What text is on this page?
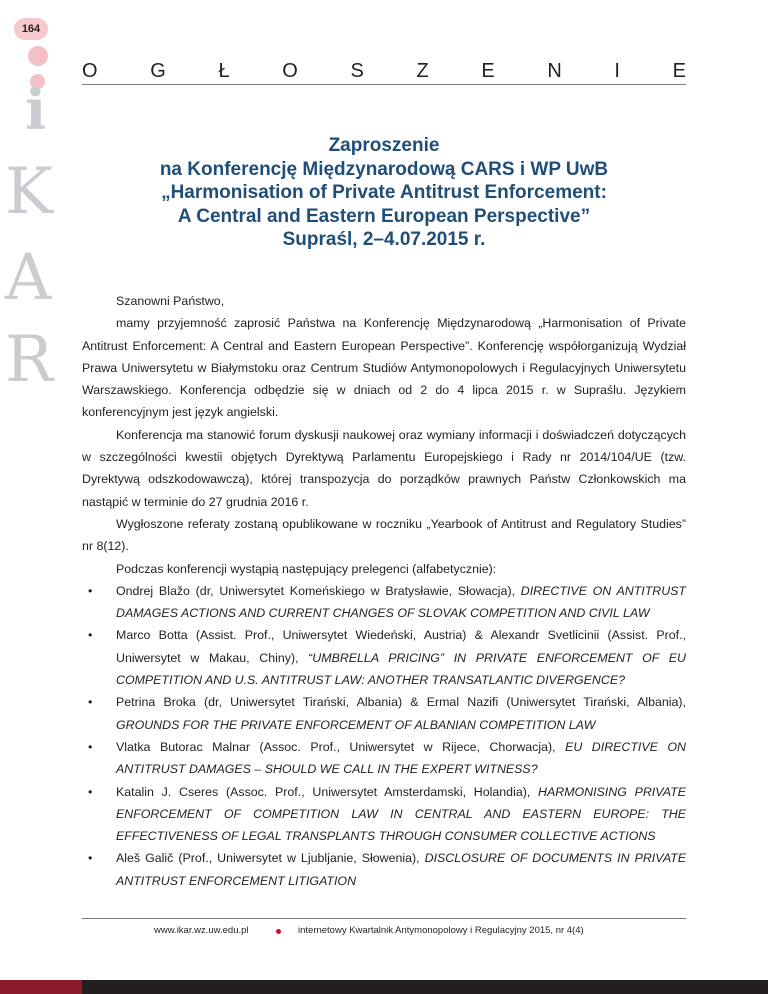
i
K
A
R
164
O	G	Ł	O	S	Z	E	N	I	E
Zaproszenie
na Konferencję Międzynarodową CARS i WP UwB
„Harmonisation of Private Antitrust Enforcement:
A Central and Eastern European Perspective”
Supraśl, 2–4.07.2015 r.

Szanowni Państwo,

mamy przyjemność zaprosić Państwa na Konferencję Międzynarodową „Harmonisation of Private Antitrust Enforcement: A Central and Eastern European Perspective”. Konferencję współorganizują Wydział Prawa Uniwersytetu w Białymstoku oraz Centrum Studiów Antymonopolowych i Regulacyjnych Uniwersytetu Warszawskiego. Konferencja odbędzie się w dniach od 2 do 4 lipca 2015 r. w Supraślu. Językiem konferencyjnym jest język angielski.

Konferencja ma stanowić forum dyskusji naukowej oraz wymiany informacji i doświadczeń dotyczących w szczególności kwestii objętych Dyrektywą Parlamentu Europejskiego i Rady nr 2014/104/UE (tzw. Dyrektywą odszkodowawczą), której transpozycja do porządków prawnych Państw Członkowskich ma nastąpić w terminie do 27 grudnia 2016 r.

Wygłoszone referaty zostaną opublikowane w roczniku „Yearbook of Antitrust and Regulatory Studies” nr 8(12).

Podczas konferencji wystąpią następujący prelegenci (alfabetycznie):

• Ondrej Blažo (dr, Uniwersytet Komeńskiego w Bratysławie, Słowacja), DIRECTIVE ON ANTITRUST DAMAGES ACTIONS AND CURRENT CHANGES OF SLOVAK COMPETITION AND CIVIL LAW

• Marco Botta (Assist. Prof., Uniwersytet Wiedeński, Austria) & Alexandr Svetlicinii (Assist. Prof., Uniwersytet w Makau, Chiny), “UMBRELLA PRICING” IN PRIVATE ENFORCEMENT OF EU COMPETITION AND U.S. ANTITRUST LAW: ANOTHER TRANSATLANTIC DIVERGENCE?

• Petrina Broka (dr, Uniwersytet Tirański, Albania) & Ermal Nazifi (Uniwersytet Tirański, Albania), GROUNDS FOR THE PRIVATE ENFORCEMENT OF ALBANIAN COMPETITION LAW

• Vlatka Butorac Malnar (Assoc. Prof., Uniwersytet w Rijece, Chorwacja), EU DIRECTIVE ON ANTITRUST DAMAGES – SHOULD WE CALL IN THE EXPERT WITNESS?

• Katalin J. Cseres (Assoc. Prof., Uniwersytet Amsterdamski, Holandia), HARMONISING PRIVATE ENFORCEMENT OF COMPETITION LAW IN CENTRAL AND EASTERN EUROPE: THE EFFECTIVENESS OF LEGAL TRANSPLANTS THROUGH CONSUMER COLLECTIVE ACTIONS

• Aleš Galič (Prof., Uniwersytet w Ljubljanie, Słowenia), DISCLOSURE OF DOCUMENTS IN PRIVATE ANTITRUST ENFORCEMENT LITIGATION

www.ikar.wz.uw.edu.pl	internetowy Kwartalnik Antymonopolowy i Regulacyjny 2015, nr 4(4)
